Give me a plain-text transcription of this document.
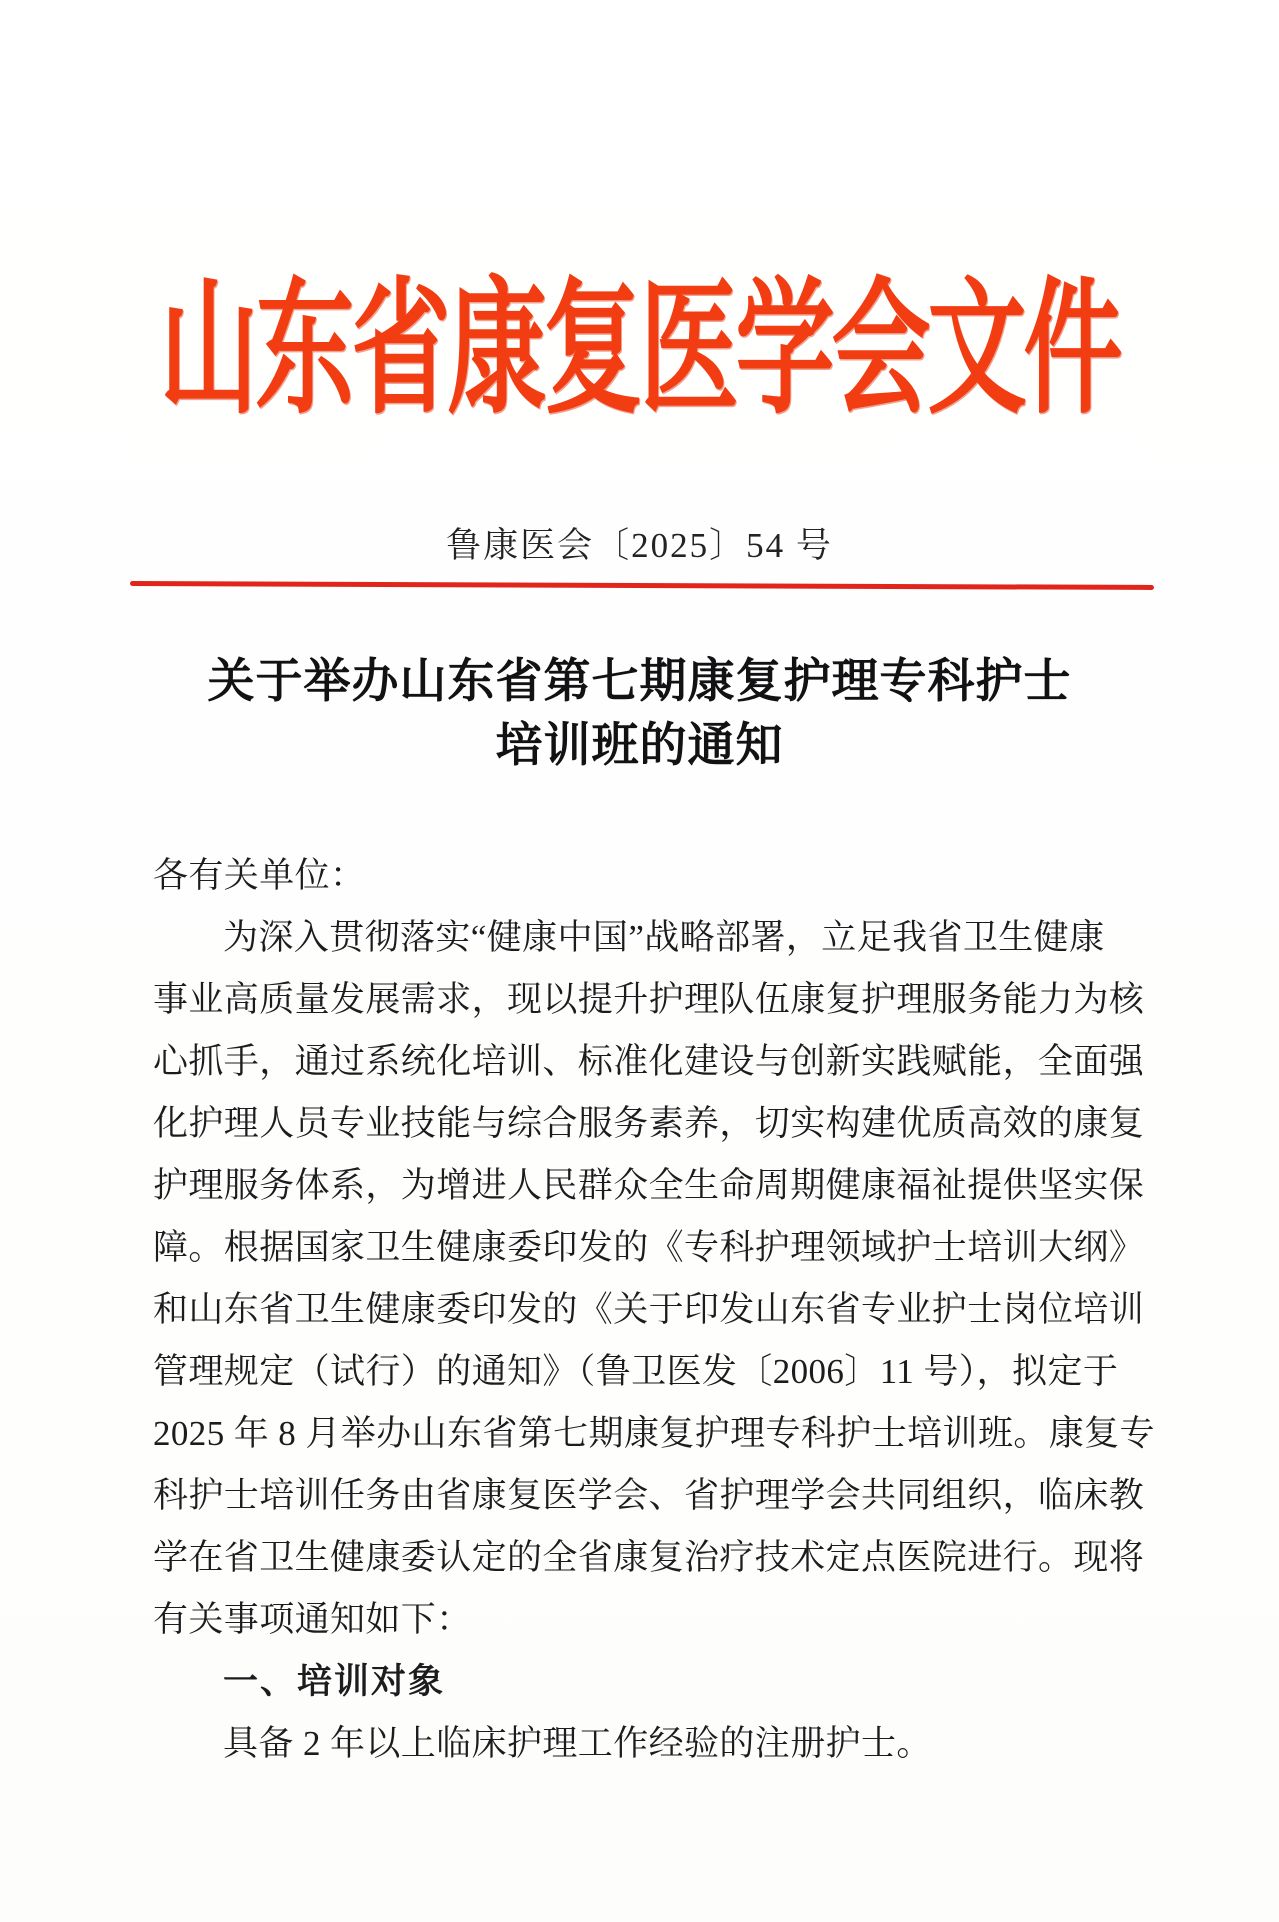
山东省康复医学会文件
鲁康医会〔2025〕54 号
关于举办山东省第七期康复护理专科护士
培训班的通知
各有关单位：
为深入贯彻落实“健康中国”战略部署，立足我省卫生健康
事业高质量发展需求，现以提升护理队伍康复护理服务能力为核
心抓手，通过系统化培训、标准化建设与创新实践赋能，全面强
化护理人员专业技能与综合服务素养，切实构建优质高效的康复
护理服务体系，为增进人民群众全生命周期健康福祉提供坚实保
障。根据国家卫生健康委印发的《专科护理领域护士培训大纲》
和山东省卫生健康委印发的《关于印发山东省专业护士岗位培训
管理规定（试行）的通知》（鲁卫医发〔2006〕11 号），拟定于
2025 年 8 月举办山东省第七期康复护理专科护士培训班。康复专
科护士培训任务由省康复医学会、省护理学会共同组织，临床教
学在省卫生健康委认定的全省康复治疗技术定点医院进行。现将
有关事项通知如下：
一、培训对象
具备 2 年以上临床护理工作经验的注册护士。
